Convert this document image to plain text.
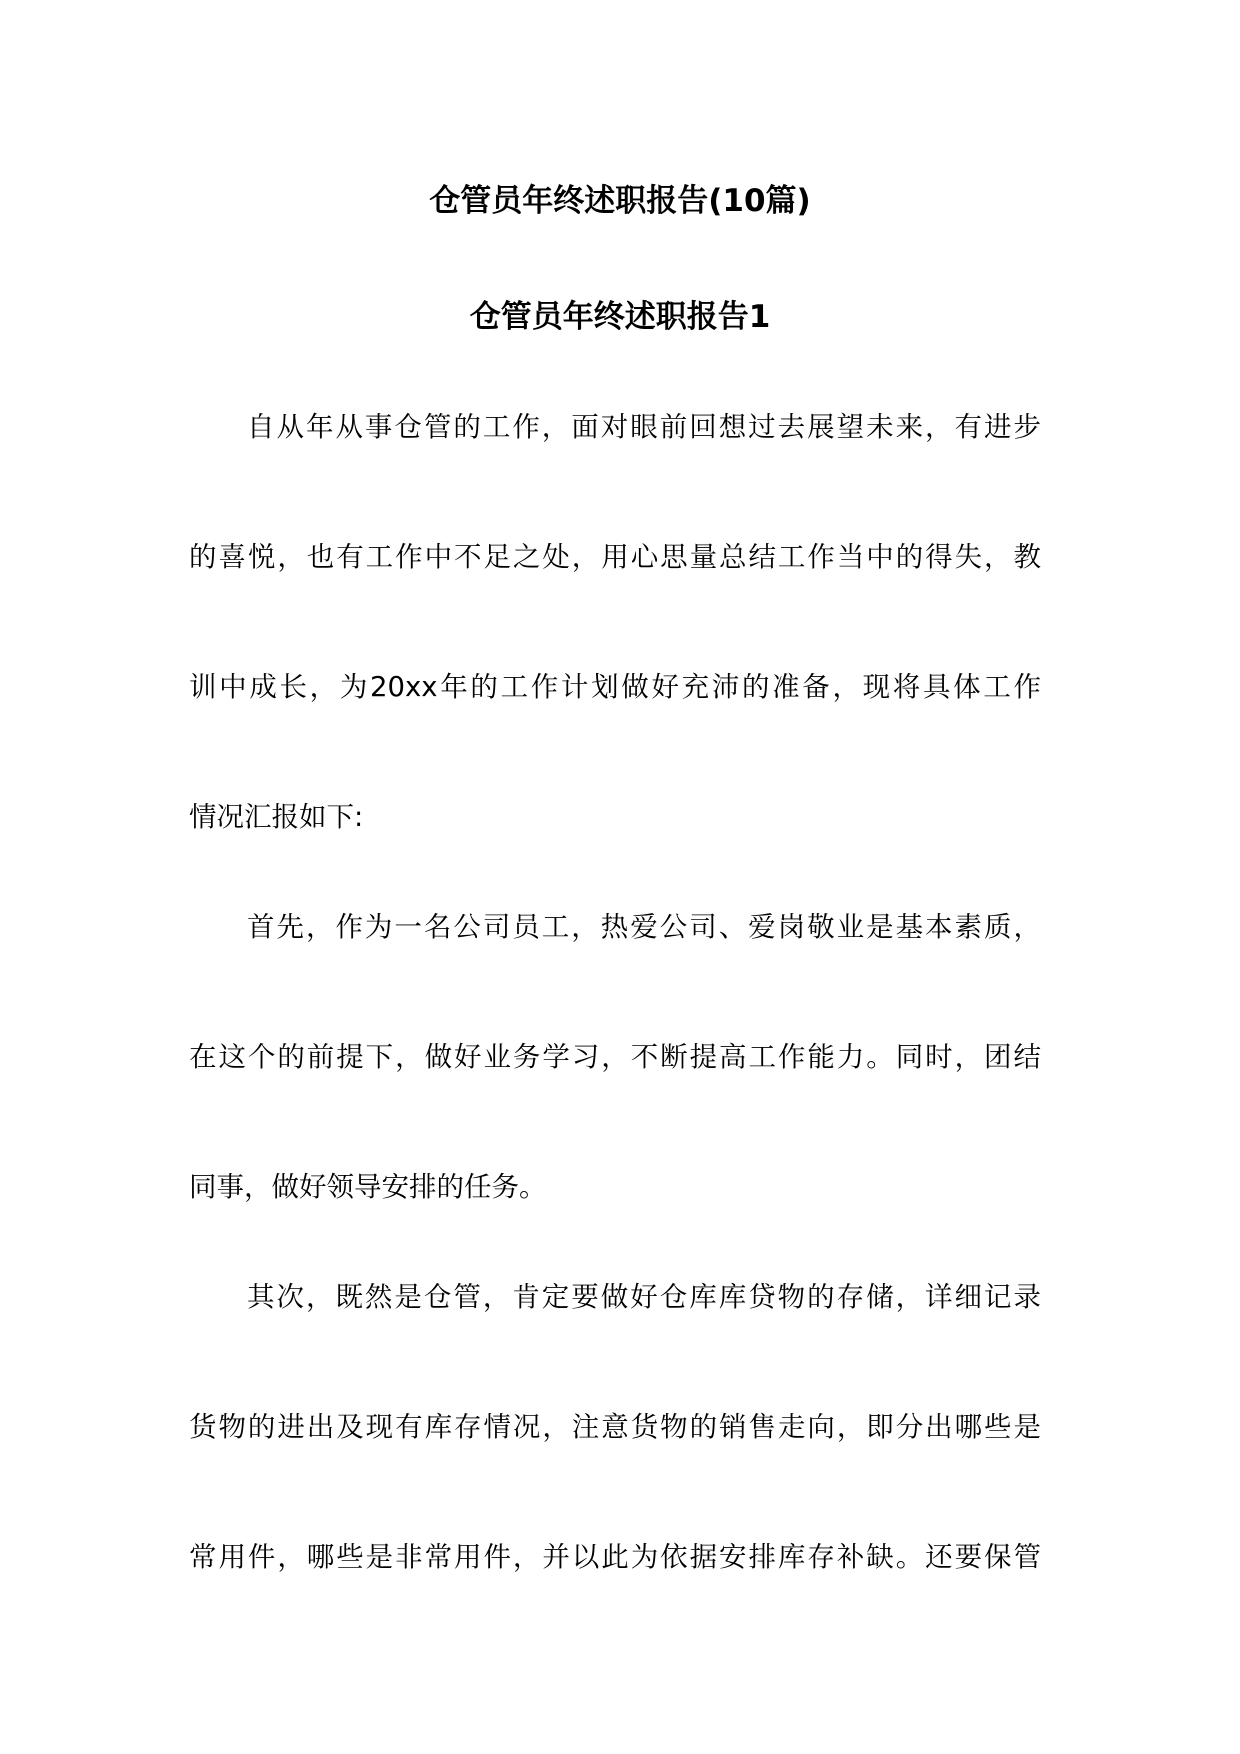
仓管员年终述职报告(10篇)
仓管员年终述职报告1

自从年从事仓管的工作，面对眼前回想过去展望未来，有进步

的喜悦，也有工作中不足之处，用心思量总结工作当中的得失，教

训中成长，为20xx年的工作计划做好充沛的准备，现将具体工作

情况汇报如下:

首先，作为一名公司员工，热爱公司、爱岗敬业是基本素质，

在这个的前提下，做好业务学习，不断提高工作能力。同时，团结

同事，做好领导安排的任务。

其次，既然是仓管，肯定要做好仓库库贷物的存储，详细记录

货物的进出及现有库存情况，注意货物的销售走向，即分出哪些是

常用件，哪些是非常用件，并以此为依据安排库存补缺。还要保管
